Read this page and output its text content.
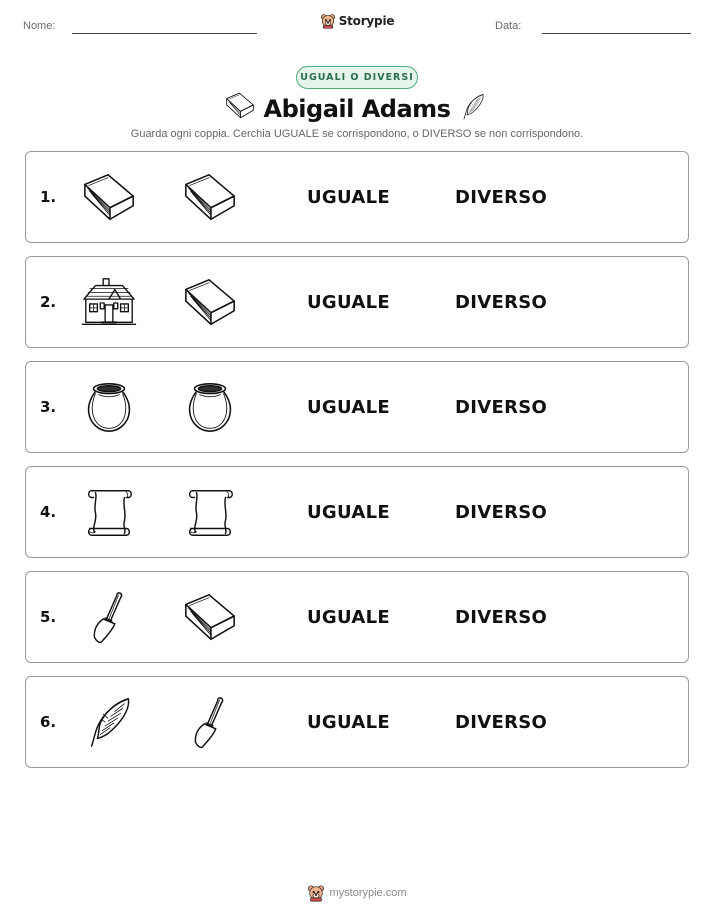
Nome:	Storypie	Data:
UGUALI O DIVERSI
Abigail Adams
Guarda ogni coppia. Cerchia UGUALE se corrispondono, o DIVERSO se non corrispondono.
1.	UGUALE	DIVERSO
2.	UGUALE	DIVERSO
3.	UGUALE	DIVERSO
4.	UGUALE	DIVERSO
5.	UGUALE	DIVERSO
6.	UGUALE	DIVERSO
mystorypie.com
